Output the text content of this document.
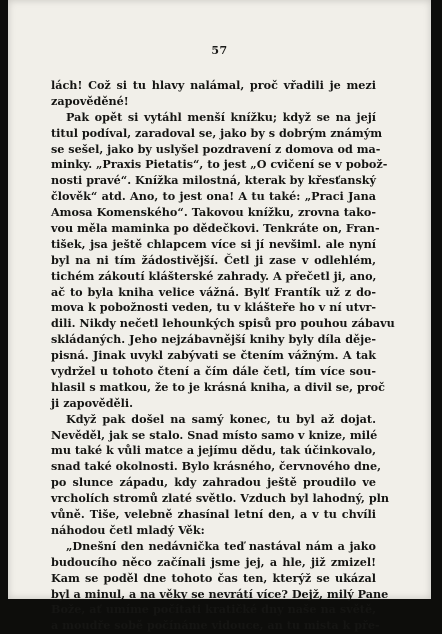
57
lách! Což si tu hlavy nalámal, proč vřadili je mezi
zapověděné!
Pak opět si vytáhl menší knížku; když se na její
titul podíval, zaradoval se, jako by s dobrým známým
se sešel, jako by uslyšel pozdravení z domova od ma-
minky. „Praxis Pietatis“, to jest „O cvičení se v pobož-
nosti pravé“. Knížka milostná, kterak by křesťanský
člověk“ atd. Ano, to jest ona! A tu také: „Praci Jana
Amosa Komenského“. Takovou knížku, zrovna tako-
vou měla maminka po dědečkovi. Tenkráte on, Fran-
tišek, jsa ještě chlapcem více si jí nevšiml. ale nyní
byl na ni tím žádostivější. Četl ji zase v odlehlém,
tichém zákoutí klášterské zahrady. A přečetl ji, ano,
ač to byla kniha velice vážná. Bylť Frantík už z do-
mova k pobožnosti veden, tu v klášteře ho v ní utvr-
dili. Nikdy nečetl lehounkých spisů pro pouhou zábavu
skládaných. Jeho nejzábavnější knihy byly díla děje-
pisná. Jinak uvykl zabývati se čtením vážným. A tak
vydržel u tohoto čtení a čím dále četl, tím více sou-
hlasil s matkou, že to je krásná kniha, a divil se, proč
ji zapověděli.
Když pak došel na samý konec, tu byl až dojat.
Nevěděl, jak se stalo. Snad místo samo v knize, milé
mu také k vůli matce a jejímu dědu, tak účinkovalo,
snad také okolnosti. Bylo krásného, červnového dne,
po slunce západu, kdy zahradou ještě proudilo ve
vrcholích stromů zlaté světlo. Vzduch byl lahodný, pln
vůně. Tiše, velebně zhasínal letní den, a v tu chvíli
náhodou četl mladý Věk:
„Dnešní den nedávnička teď nastával nám a jako
budoucího něco začínali jsme jej, a hle, již zmizel!
Kam se poděl dne tohoto čas ten, kterýž se ukázal
byl a minul, a na věky se nevrátí více? Dejž, milý Pane
Bože, ať umíme počítati kratičké dny naše na světě,
a moudře sobě počínáme vidouce, an tu mista k pře-
